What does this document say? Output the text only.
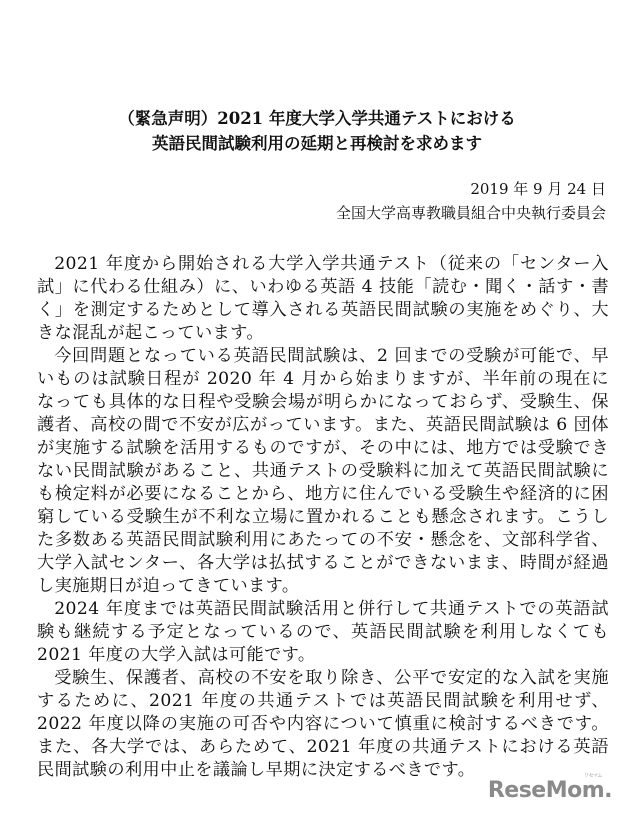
（緊急声明）2021 年度大学入学共通テストにおける
英語民間試験利用の延期と再検討を求めます
2019 年 9 月 24 日
全国大学高専教職員組合中央執行委員会

2021 年度から開始される大学入学共通テスト（従来の「センター入試」に代わる仕組み）に、いわゆる英語 4 技能「読む・聞く・話す・書く」を測定するためとして導入される英語民間試験の実施をめぐり、大きな混乱が起こっています。

今回問題となっている英語民間試験は、2 回までの受験が可能で、早いものは試験日程が 2020 年 4 月から始まりますが、半年前の現在になっても具体的な日程や受験会場が明らかになっておらず、受験生、保護者、高校の間で不安が広がっています。また、英語民間試験は 6 団体が実施する試験を活用するものですが、その中には、地方では受験できない民間試験があること、共通テストの受験料に加えて英語民間試験にも検定料が必要になることから、地方に住んでいる受験生や経済的に困窮している受験生が不利な立場に置かれることも懸念されます。こうした多数ある英語民間試験利用にあたっての不安・懸念を、文部科学省、大学入試センター、各大学は払拭することができないまま、時間が経過し実施期日が迫ってきています。

2024 年度までは英語民間試験活用と併行して共通テストでの英語試験も継続する予定となっているので、英語民間試験を利用しなくても 2021 年度の大学入試は可能です。

受験生、保護者、高校の不安を取り除き、公平で安定的な入試を実施するために、2021 年度の共通テストでは英語民間試験を利用せず、2022 年度以降の実施の可否や内容について慎重に検討するべきです。また、各大学では、あらためて、2021 年度の共通テストにおける英語民間試験の利用中止を議論し早期に決定するべきです。

ReseMom.
リセマム
